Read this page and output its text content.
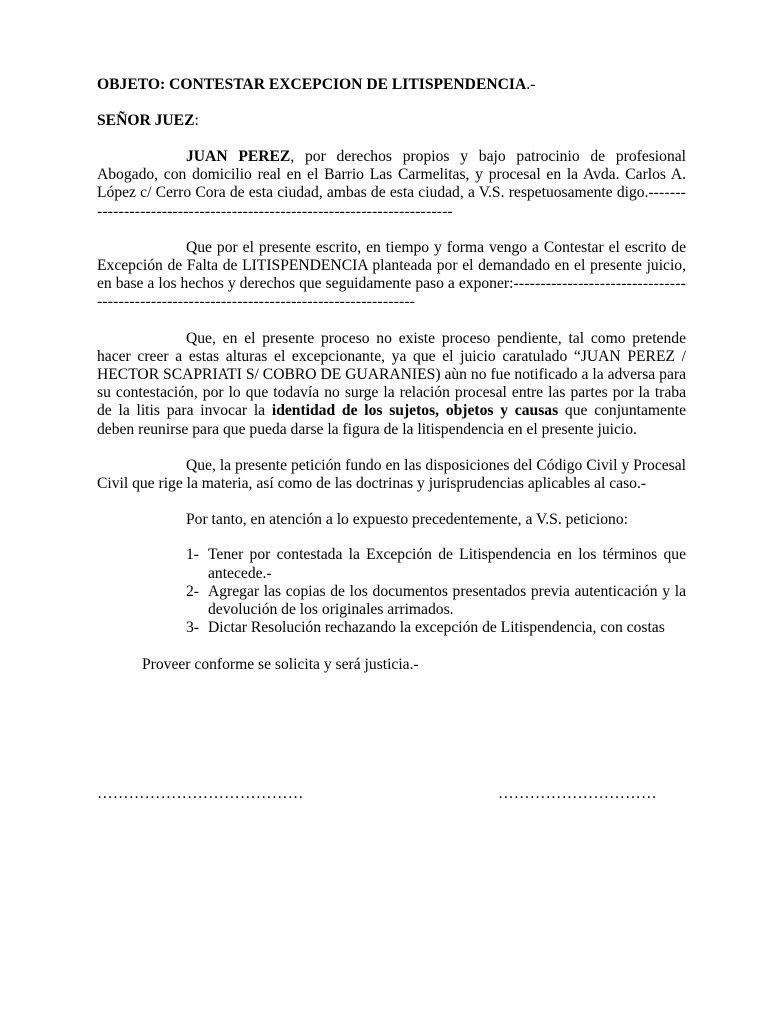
OBJETO: CONTESTAR EXCEPCION DE LITISPENDENCIA.-

SEÑOR JUEZ:

JUAN PEREZ, por derechos propios y bajo patrocinio de profesional Abogado, con domicilio real en el Barrio Las Carmelitas, y procesal en la Avda. Carlos A. López c/ Cerro Cora de esta ciudad, ambas de esta ciudad, a V.S. respetuosamente digo.-------------------------------------------------------------------------

Que por el presente escrito, en tiempo y forma vengo a Contestar el escrito de Excepción de Falta de LITISPENDENCIA planteada por el demandado en el presente juicio, en base a los hechos y derechos que seguidamente paso a exponer:-------------------------------------------------------------------------------------------

Que, en el presente proceso no existe proceso pendiente, tal como pretende hacer creer a estas alturas el excepcionante, ya que el juicio caratulado “JUAN PEREZ / HECTOR SCAPRIATI S/ COBRO DE GUARANIES) aùn no fue notificado a la adversa para su contestación, por lo que todavía no surge la relación procesal entre las partes por la traba de la litis para invocar la identidad de los sujetos, objetos y causas que conjuntamente deben reunirse para que pueda darse la figura de la litispendencia en el presente juicio.

Que, la presente petición fundo en las disposiciones del Código Civil y Procesal Civil que rige la materia, así como de las doctrinas y jurisprudencias aplicables al caso.-

Por tanto, en atención a lo expuesto precedentemente, a V.S. peticiono:

1- Tener por contestada la Excepción de Litispendencia en los términos que antecede.-
2- Agregar las copias de los documentos presentados previa autenticación y la devolución de los originales arrimados.
3- Dictar Resolución rechazando la excepción de Litispendencia, con costas

Proveer conforme se solicita y será justicia.-

…………………………………	…………………………
